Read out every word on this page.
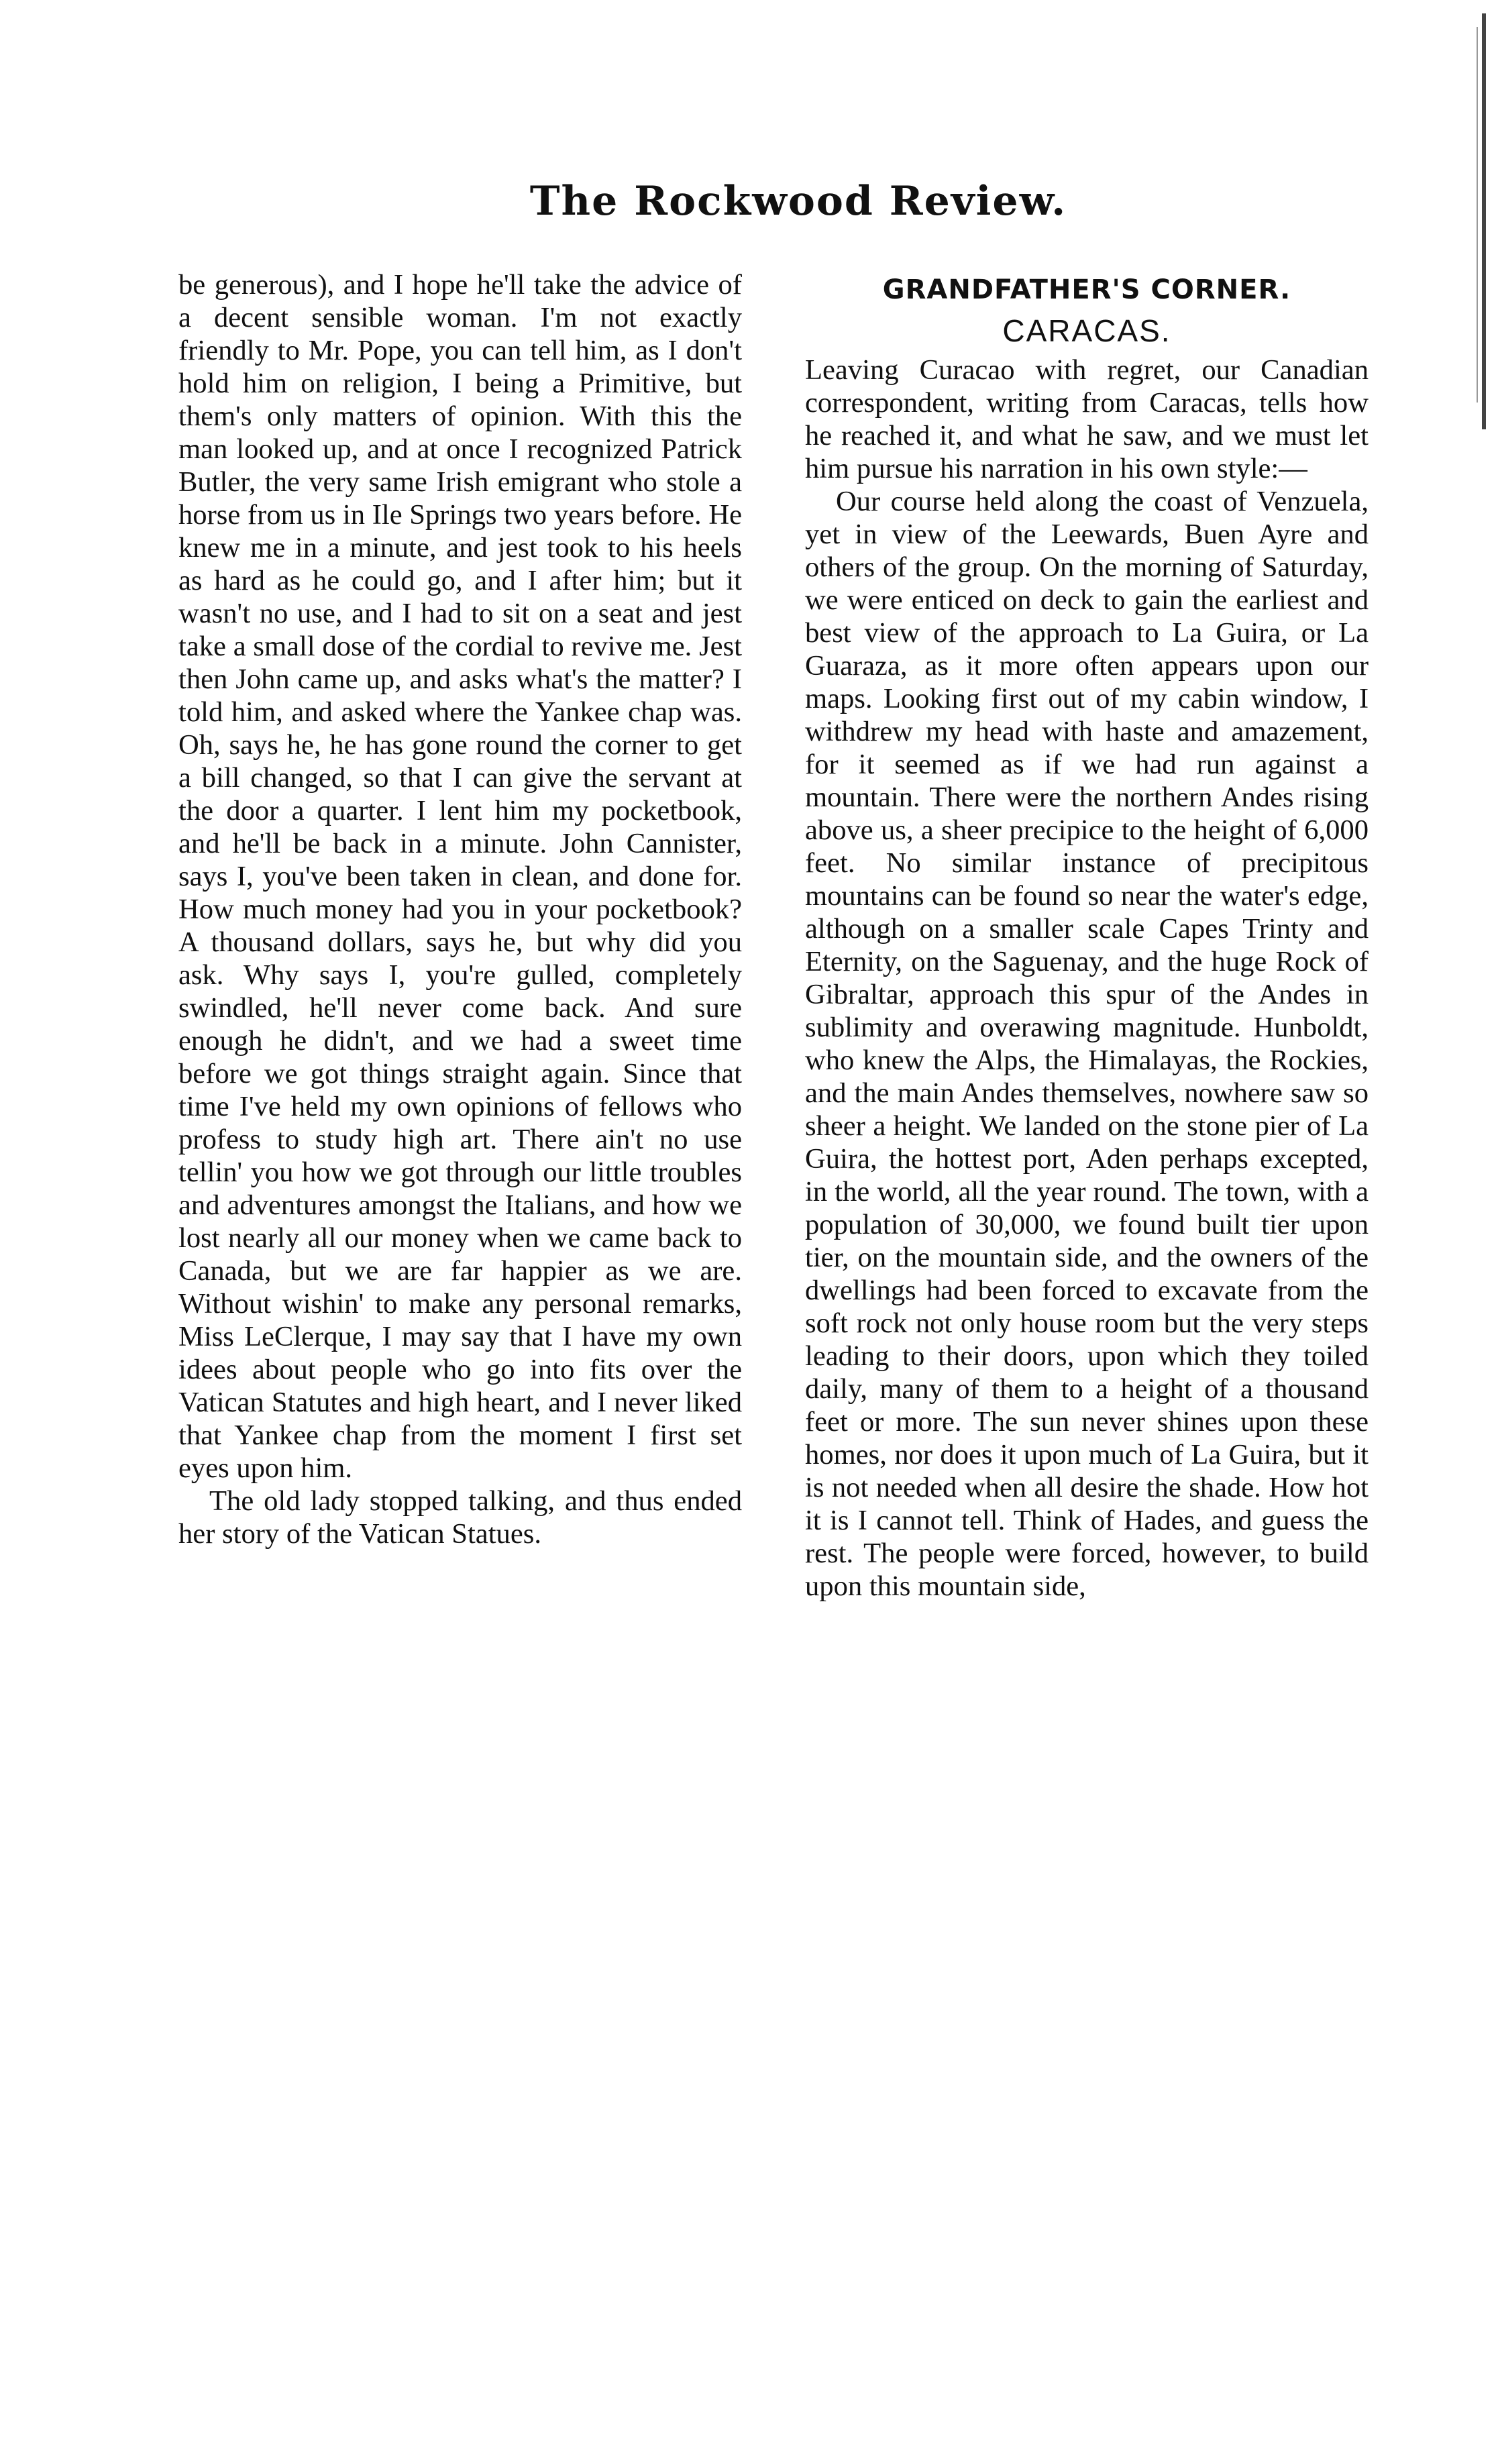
The Rockwood Review.

be generous), and I hope he'll take the advice of a decent sensible woman. I'm not exactly friendly to Mr. Pope, you can tell him, as I don't hold him on religion, I being a Primitive, but them's only matters of opinion. With this the man looked up, and at once I recognized Patrick Butler, the very same Irish emigrant who stole a horse from us in Ile Springs two years before. He knew me in a minute, and jest took to his heels as hard as he could go, and I after him; but it wasn't no use, and I had to sit on a seat and jest take a small dose of the cordial to revive me. Jest then John came up, and asks what's the matter? I told him, and asked where the Yankee chap was. Oh, says he, he has gone round the corner to get a bill changed, so that I can give the servant at the door a quarter. I lent him my pocketbook, and he'll be back in a minute. John Cannister, says I, you've been taken in clean, and done for. How much money had you in your pocketbook? A thousand dollars, says he, but why did you ask. Why says I, you're gulled, completely swindled, he'll never come back. And sure enough he didn't, and we had a sweet time before we got things straight again. Since that time I've held my own opinions of fellows who profess to study high art. There ain't no use tellin' you how we got through our little troubles and adventures amongst the Italians, and how we lost nearly all our money when we came back to Canada, but we are far happier as we are. Without wishin' to make any personal remarks, Miss LeClerque, I may say that I have my own idees about people who go into fits over the Vatican Statutes and high heart, and I never liked that Yankee chap from the moment I first set eyes upon him.

The old lady stopped talking, and thus ended her story of the Vatican Statues.

GRANDFATHER'S CORNER.
CARACAS.

Leaving Curacao with regret, our Canadian correspondent, writing from Caracas, tells how he reached it, and what he saw, and we must let him pursue his narration in his own style:—

Our course held along the coast of Venzuela, yet in view of the Leewards, Buen Ayre and others of the group. On the morning of Saturday, we were enticed on deck to gain the earliest and best view of the approach to La Guira, or La Guaraza, as it more often appears upon our maps. Looking first out of my cabin window, I withdrew my head with haste and amazement, for it seemed as if we had run against a mountain. There were the northern Andes rising above us, a sheer precipice to the height of 6,000 feet. No similar instance of precipitous mountains can be found so near the water's edge, although on a smaller scale Capes Trinty and Eternity, on the Saguenay, and the huge Rock of Gibraltar, approach this spur of the Andes in sublimity and overawing magnitude. Hunboldt, who knew the Alps, the Himalayas, the Rockies, and the main Andes themselves, nowhere saw so sheer a height. We landed on the stone pier of La Guira, the hottest port, Aden perhaps excepted, in the world, all the year round. The town, with a population of 30,000, we found built tier upon tier, on the mountain side, and the owners of the dwellings had been forced to excavate from the soft rock not only house room but the very steps leading to their doors, upon which they toiled daily, many of them to a height of a thousand feet or more. The sun never shines upon these homes, nor does it upon much of La Guira, but it is not needed when all desire the shade. How hot it is I cannot tell. Think of Hades, and guess the rest. The people were forced, however, to build upon this mountain side,
